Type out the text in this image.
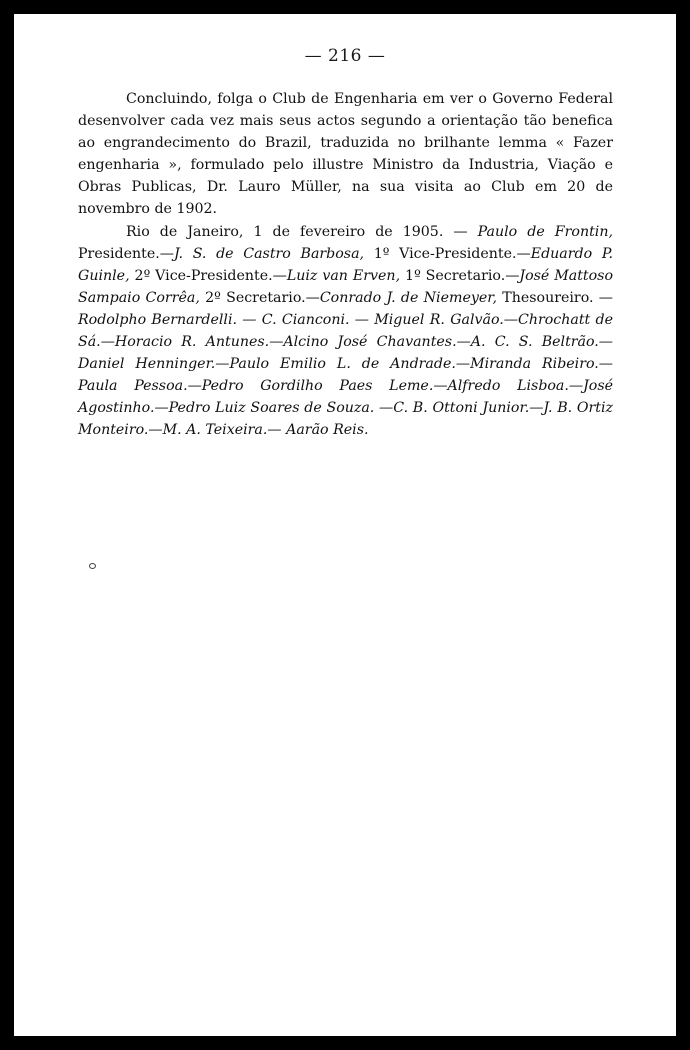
— 216 —

Concluindo, folga o Club de Engenharia em ver o Governo Federal desenvolver cada vez mais seus actos segundo a orientação tão benefica ao engrandecimento do Brazil, traduzida no brilhante lemma « Fazer engenharia », formulado pelo illustre Ministro da Industria, Viação e Obras Publicas, Dr. Lauro Müller, na sua visita ao Club em 20 de novembro de 1902.

Rio de Janeiro, 1 de fevereiro de 1905. — Paulo de Frontin, Presidente.—J. S. de Castro Barbosa, 1º Vice-Presidente.—Eduardo P. Guinle, 2º Vice-Presidente.—Luiz van Erven, 1º Secretario.—José Mattoso Sampaio Corrêa, 2º Secretario.—Conrado J. de Niemeyer, Thesoureiro. — Rodolpho Bernardelli. — C. Cianconi. — Miguel R. Galvão.—Chrochatt de Sá.—Horacio R. Antunes.—Alcino José Chavantes.—A. C. S. Beltrão.—Daniel Henninger.—Paulo Emilio L. de Andrade.—Miranda Ribeiro.—Paula Pessoa.—Pedro Gordilho Paes Leme.—Alfredo Lisboa.—José Agostinho.—Pedro Luiz Soares de Souza. —C. B. Ottoni Junior.—J. B. Ortiz Monteiro.—M. A. Teixeira.— Aarão Reis.
